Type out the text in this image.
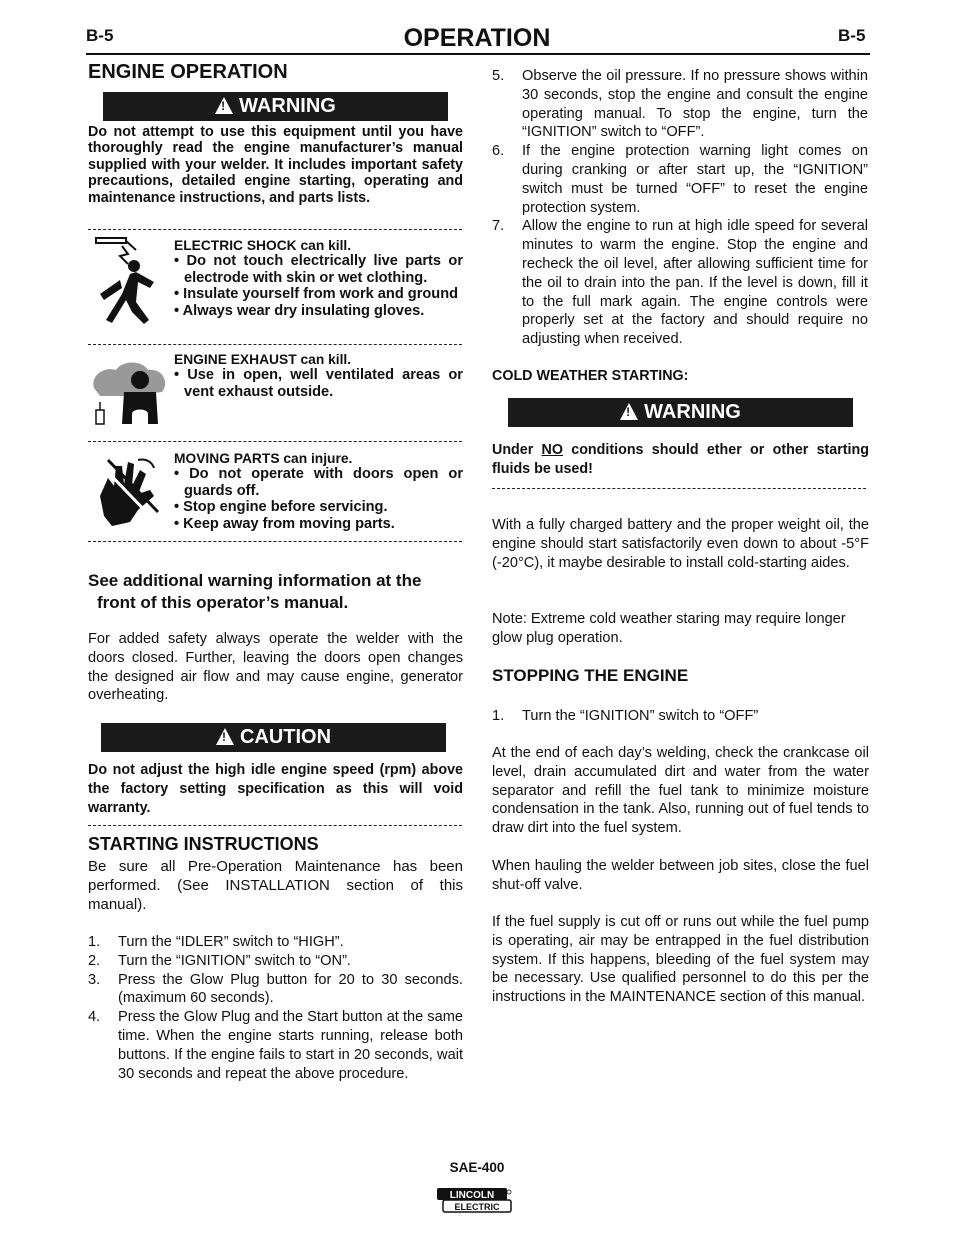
B-5	OPERATION	B-5
ENGINE OPERATION
!
WARNING
Do not attempt to use this equipment until you have thoroughly read the engine manufacturer’s manual supplied with your welder. It includes important safety precautions, detailed engine starting, operating and maintenance instructions, and parts lists.
ELECTRIC SHOCK can kill.
• Do not touch electrically live parts or electrode with skin or wet clothing.
• Insulate yourself from work and ground
• Always wear dry insulating gloves.
ENGINE EXHAUST can kill.
• Use in open, well ventilated areas or vent exhaust outside.
MOVING PARTS can injure.
• Do not operate with doors open or guards off.
• Stop engine before servicing.
• Keep away from moving parts.
See additional warning information at the front of this operator’s manual.
For added safety always operate the welder with the doors closed. Further, leaving the doors open changes the designed air flow and may cause engine, generator overheating.
!
CAUTION
Do not adjust the high idle engine speed (rpm) above the factory setting specification as this will void warranty.
STARTING INSTRUCTIONS
Be sure all Pre-Operation Maintenance has been performed. (See INSTALLATION section of this manual).
1. Turn the “IDLER” switch to “HIGH”.
2. Turn the “IGNITION” switch to “ON”.
3. Press the Glow Plug button for 20 to 30 seconds. (maximum 60 seconds).
4. Press the Glow Plug and the Start button at the same time. When the engine starts running, release both buttons. If the engine fails to start in 20 seconds, wait 30 seconds and repeat the above procedure.
5. Observe the oil pressure. If no pressure shows within 30 seconds, stop the engine and consult the engine operating manual. To stop the engine, turn the “IGNITION” switch to “OFF”.
6. If the engine protection warning light comes on during cranking or after start up, the “IGNITION” switch must be turned “OFF” to reset the engine protection system.
7. Allow the engine to run at high idle speed for several minutes to warm the engine. Stop the engine and recheck the oil level, after allowing sufficient time for the oil to drain into the pan. If the level is down, fill it to the full mark again. The engine controls were properly set at the factory and should require no adjusting when received.
COLD WEATHER STARTING:
!
WARNING
Under NO conditions should ether or other starting fluids be used!
With a fully charged battery and the proper weight oil, the engine should start satisfactorily even down to about -5°F (-20°C), it maybe desirable to install cold-starting aides.
Note: Extreme cold weather staring may require longer glow plug operation.
STOPPING THE ENGINE
1. Turn the “IGNITION” switch to “OFF”
At the end of each day’s welding, check the crankcase oil level, drain accumulated dirt and water from the water separator and refill the fuel tank to minimize moisture condensation in the tank. Also, running out of fuel tends to draw dirt into the fuel system.
When hauling the welder between job sites, close the fuel shut-off valve.
If the fuel supply is cut off or runs out while the fuel pump is operating, air may be entrapped in the fuel distribution system. If this happens, bleeding of the fuel system may be necessary. Use qualified personnel to do this per the instructions in the MAINTENANCE section of this manual.
SAE-400
LINCOLN
ELECTRIC
